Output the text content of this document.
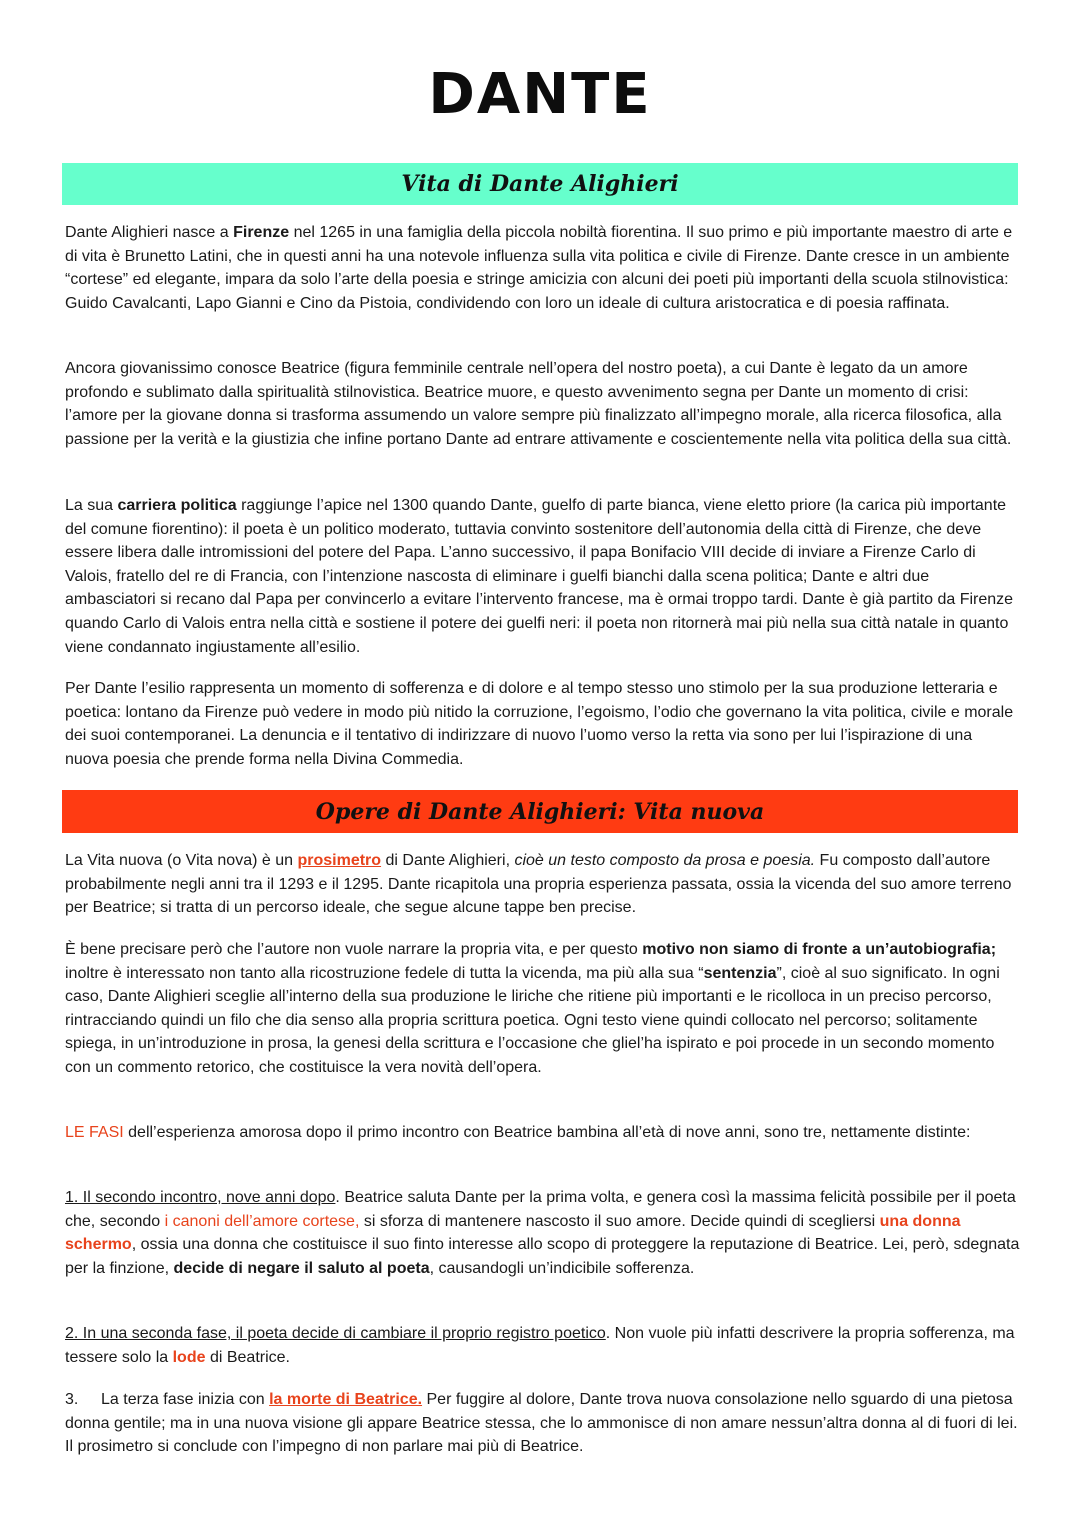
DANTE
Vita di Dante Alighieri

Dante Alighieri nasce a Firenze nel 1265 in una famiglia della piccola nobiltà fiorentina. Il suo primo e più importante maestro di arte e di vita è Brunetto Latini, che in questi anni ha una notevole influenza sulla vita politica e civile di Firenze. Dante cresce in un ambiente “cortese” ed elegante, impara da solo l’arte della poesia e stringe amicizia con alcuni dei poeti più importanti della scuola stilnovistica: Guido Cavalcanti, Lapo Gianni e Cino da Pistoia, condividendo con loro un ideale di cultura aristocratica e di poesia raffinata.

Ancora giovanissimo conosce Beatrice (figura femminile centrale nell’opera del nostro poeta), a cui Dante è legato da un amore profondo e sublimato dalla spiritualità stilnovistica. Beatrice muore, e questo avvenimento segna per Dante un momento di crisi: l’amore per la giovane donna si trasforma assumendo un valore sempre più finalizzato all’impegno morale, alla ricerca filosofica, alla passione per la verità e la giustizia che infine portano Dante ad entrare attivamente e coscientemente nella vita politica della sua città.

La sua carriera politica raggiunge l’apice nel 1300 quando Dante, guelfo di parte bianca, viene eletto priore (la carica più importante del comune fiorentino): il poeta è un politico moderato, tuttavia convinto sostenitore dell’autonomia della città di Firenze, che deve essere libera dalle intromissioni del potere del Papa. L’anno successivo, il papa Bonifacio VIII decide di inviare a Firenze Carlo di Valois, fratello del re di Francia, con l’intenzione nascosta di eliminare i guelfi bianchi dalla scena politica; Dante e altri due ambasciatori si recano dal Papa per convincerlo a evitare l’intervento francese, ma è ormai troppo tardi. Dante è già partito da Firenze quando Carlo di Valois entra nella città e sostiene il potere dei guelfi neri: il poeta non ritornerà mai più nella sua città natale in quanto viene condannato ingiustamente all’esilio.

Per Dante l’esilio rappresenta un momento di sofferenza e di dolore e al tempo stesso uno stimolo per la sua produzione letteraria e poetica: lontano da Firenze può vedere in modo più nitido la corruzione, l’egoismo, l’odio che governano la vita politica, civile e morale dei suoi contemporanei. La denuncia e il tentativo di indirizzare di nuovo l’uomo verso la retta via sono per lui l’ispirazione di una nuova poesia che prende forma nella Divina Commedia.

Opere di Dante Alighieri: Vita nuova

La Vita nuova (o Vita nova) è un prosimetro di Dante Alighieri, cioè un testo composto da prosa e poesia. Fu composto dall’autore probabilmente negli anni tra il 1293 e il 1295. Dante ricapitola una propria esperienza passata, ossia la vicenda del suo amore terreno per Beatrice; si tratta di un percorso ideale, che segue alcune tappe ben precise.

È bene precisare però che l’autore non vuole narrare la propria vita, e per questo motivo non siamo di fronte a un’autobiografia; inoltre è interessato non tanto alla ricostruzione fedele di tutta la vicenda, ma più alla sua “sentenzia”, cioè al suo significato. In ogni caso, Dante Alighieri sceglie all’interno della sua produzione le liriche che ritiene più importanti e le ricolloca in un preciso percorso, rintracciando quindi un filo che dia senso alla propria scrittura poetica. Ogni testo viene quindi collocato nel percorso; solitamente spiega, in un’introduzione in prosa, la genesi della scrittura e l’occasione che gliel’ha ispirato e poi procede in un secondo momento con un commento retorico, che costituisce la vera novità dell’opera.

LE FASI dell’esperienza amorosa dopo il primo incontro con Beatrice bambina all’età di nove anni, sono tre, nettamente distinte:

1. Il secondo incontro, nove anni dopo. Beatrice saluta Dante per la prima volta, e genera così la massima felicità possibile per il poeta che, secondo i canoni dell’amore cortese, si sforza di mantenere nascosto il suo amore. Decide quindi di scegliersi una donna schermo, ossia una donna che costituisce il suo finto interesse allo scopo di proteggere la reputazione di Beatrice. Lei, però, sdegnata per la finzione, decide di negare il saluto al poeta, causandogli un’indicibile sofferenza.

2. In una seconda fase, il poeta decide di cambiare il proprio registro poetico. Non vuole più infatti descrivere la propria sofferenza, ma tessere solo la lode di Beatrice.

3. La terza fase inizia con la morte di Beatrice. Per fuggire al dolore, Dante trova nuova consolazione nello sguardo di una pietosa donna gentile; ma in una nuova visione gli appare Beatrice stessa, che lo ammonisce di non amare nessun’altra donna al di fuori di lei. Il prosimetro si conclude con l’impegno di non parlare mai più di Beatrice.
